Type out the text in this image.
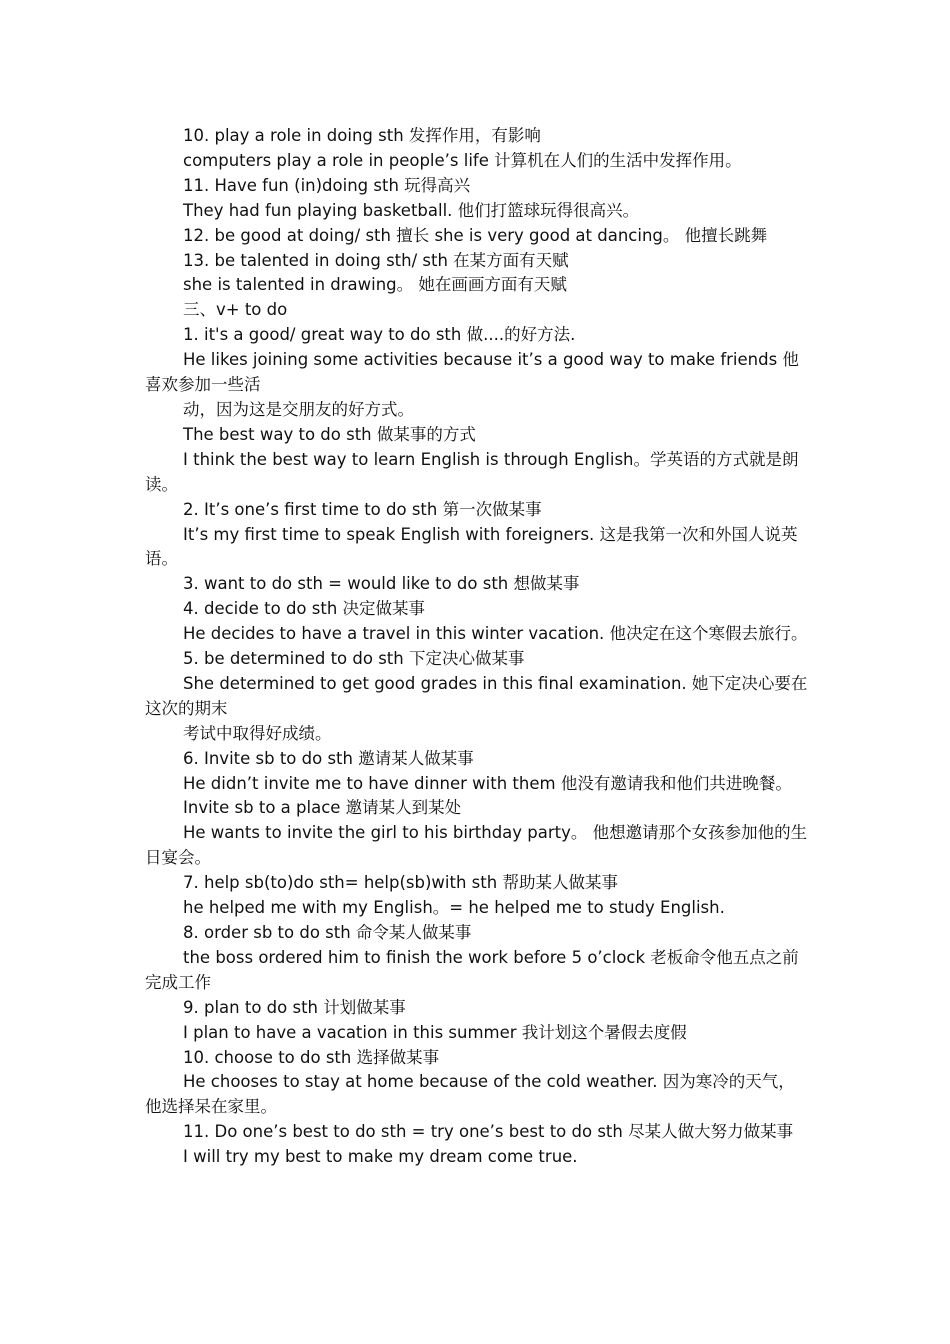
10. play a role in doing sth 发挥作用，有影响

computers play a role in people’s life 计算机在人们的生活中发挥作用。

11. Have fun (in)doing sth 玩得高兴

They had fun playing basketball. 他们打篮球玩得很高兴。

12. be good at doing/ sth 擅长 she is very good at dancing。 他擅长跳舞

13. be talented in doing sth/ sth 在某方面有天赋

she is talented in drawing。 她在画画方面有天赋

三、v+ to do

1. it's a good/ great way to do sth 做....的好方法.

He likes joining some activities because it’s a good way to make friends 他喜欢参加一些活

动，因为这是交朋友的好方式。

The best way to do sth 做某事的方式

I think the best way to learn English is through English。学英语的方式就是朗读。

2. It’s one’s first time to do sth 第一次做某事

It’s my first time to speak English with foreigners. 这是我第一次和外国人说英语。

3. want to do sth = would like to do sth 想做某事

4. decide to do sth 决定做某事

He decides to have a travel in this winter vacation. 他决定在这个寒假去旅行。

5. be determined to do sth 下定决心做某事

She determined to get good grades in this final examination. 她下定决心要在这次的期末

考试中取得好成绩。

6. Invite sb to do sth 邀请某人做某事

He didn’t invite me to have dinner with them 他没有邀请我和他们共进晚餐。

Invite sb to a place 邀请某人到某处

He wants to invite the girl to his birthday party。 他想邀请那个女孩参加他的生日宴会。

7. help sb(to)do sth= help(sb)with sth 帮助某人做某事

he helped me with my English。= he helped me to study English.

8. order sb to do sth 命令某人做某事

the boss ordered him to finish the work before 5 o’clock 老板命令他五点之前完成工作

9. plan to do sth 计划做某事

I plan to have a vacation in this summer 我计划这个暑假去度假

10. choose to do sth 选择做某事

He chooses to stay at home because of the cold weather. 因为寒冷的天气，他选择呆在家里。

11. Do one’s best to do sth = try one’s best to do sth 尽某人做大努力做某事

I will try my best to make my dream come true.
